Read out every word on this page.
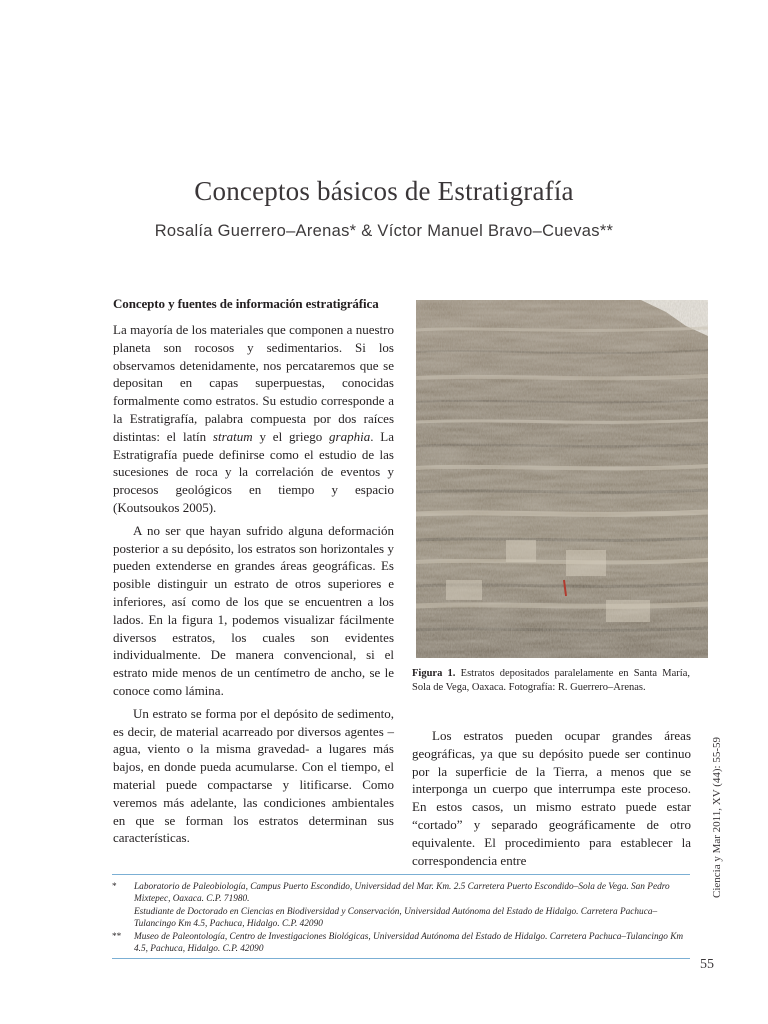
Conceptos básicos de Estratigrafía
Rosalía Guerrero–Arenas* & Víctor Manuel Bravo–Cuevas**
Concepto y fuentes de información estratigráfica

La mayoría de los materiales que componen a nuestro planeta son rocosos y sedimentarios. Si los observamos detenidamente, nos percataremos que se depositan en capas superpuestas, conocidas formalmente como estratos. Su estudio corresponde a la Estratigrafía, palabra compuesta por dos raíces distintas: el latín stratum y el griego graphia. La Estratigrafía puede definirse como el estudio de las sucesiones de roca y la correlación de eventos y procesos geológicos en tiempo y espacio (Koutsoukos 2005).

A no ser que hayan sufrido alguna deformación posterior a su depósito, los estratos son horizontales y pueden extenderse en grandes áreas geográficas. Es posible distinguir un estrato de otros superiores e inferiores, así como de los que se encuentren a los lados. En la figura 1, podemos visualizar fácilmente diversos estratos, los cuales son evidentes individualmente. De manera convencional, si el estrato mide menos de un centímetro de ancho, se le conoce como lámina.

Un estrato se forma por el depósito de sedimento, es decir, de material acarreado por diversos agentes –agua, viento o la misma gravedad- a lugares más bajos, en donde pueda acumularse. Con el tiempo, el material puede compactarse y litificarse. Como veremos más adelante, las condiciones ambientales en que se forman los estratos determinan sus características.

Figura 1. Estratos depositados paralelamente en Santa María, Sola de Vega, Oaxaca. Fotografía: R. Guerrero–Arenas.

Los estratos pueden ocupar grandes áreas geográficas, ya que su depósito puede ser continuo por la superficie de la Tierra, a menos que se interponga un cuerpo que interrumpa este proceso. En estos casos, un mismo estrato puede estar “cortado” y separado geográficamente de otro equivalente. El procedimiento para establecer la correspondencia entre

* Laboratorio de Paleobiología, Campus Puerto Escondido, Universidad del Mar. Km. 2.5 Carretera Puerto Escondido–Sola de Vega. San Pedro Mixtepec, Oaxaca. C.P. 71980.

Estudiante de Doctorado en Ciencias en Biodiversidad y Conservación, Universidad Autónoma del Estado de Hidalgo. Carretera Pachuca–Tulancingo Km 4.5, Pachuca, Hidalgo. C.P. 42090

** Museo de Paleontología, Centro de Investigaciones Biológicas, Universidad Autónoma del Estado de Hidalgo. Carretera Pachuca–Tulancingo Km 4.5, Pachuca, Hidalgo. C.P. 42090

Ciencia y Mar 2011, XV (44): 55-59
55
